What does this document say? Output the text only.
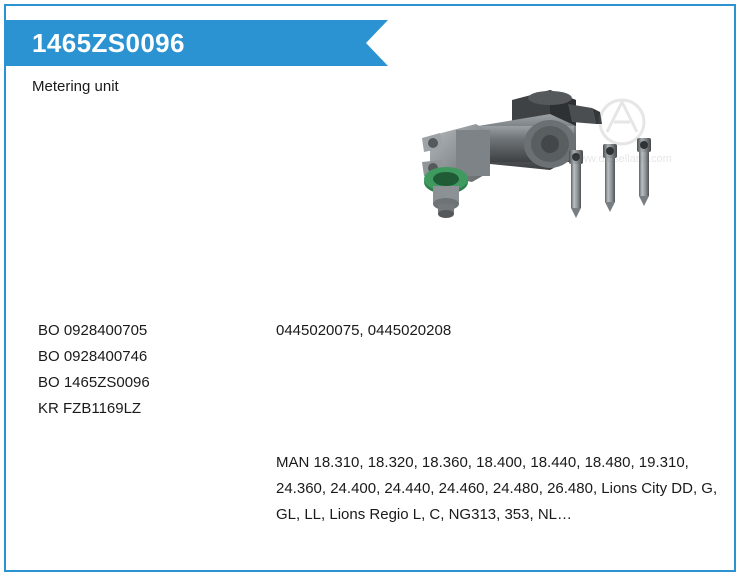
1465ZS0096
Metering unit
www.dieselland.com
BO 0928400705
BO 0928400746
BO 1465ZS0096
KR FZB1169LZ
0445020075, 0445020208
MAN 18.310, 18.320, 18.360, 18.400, 18.440, 18.480, 19.310, 24.360, 24.400, 24.440, 24.460, 24.480, 26.480, Lions City DD, G, GL, LL, Lions Regio L, C, NG313, 353, NL…
